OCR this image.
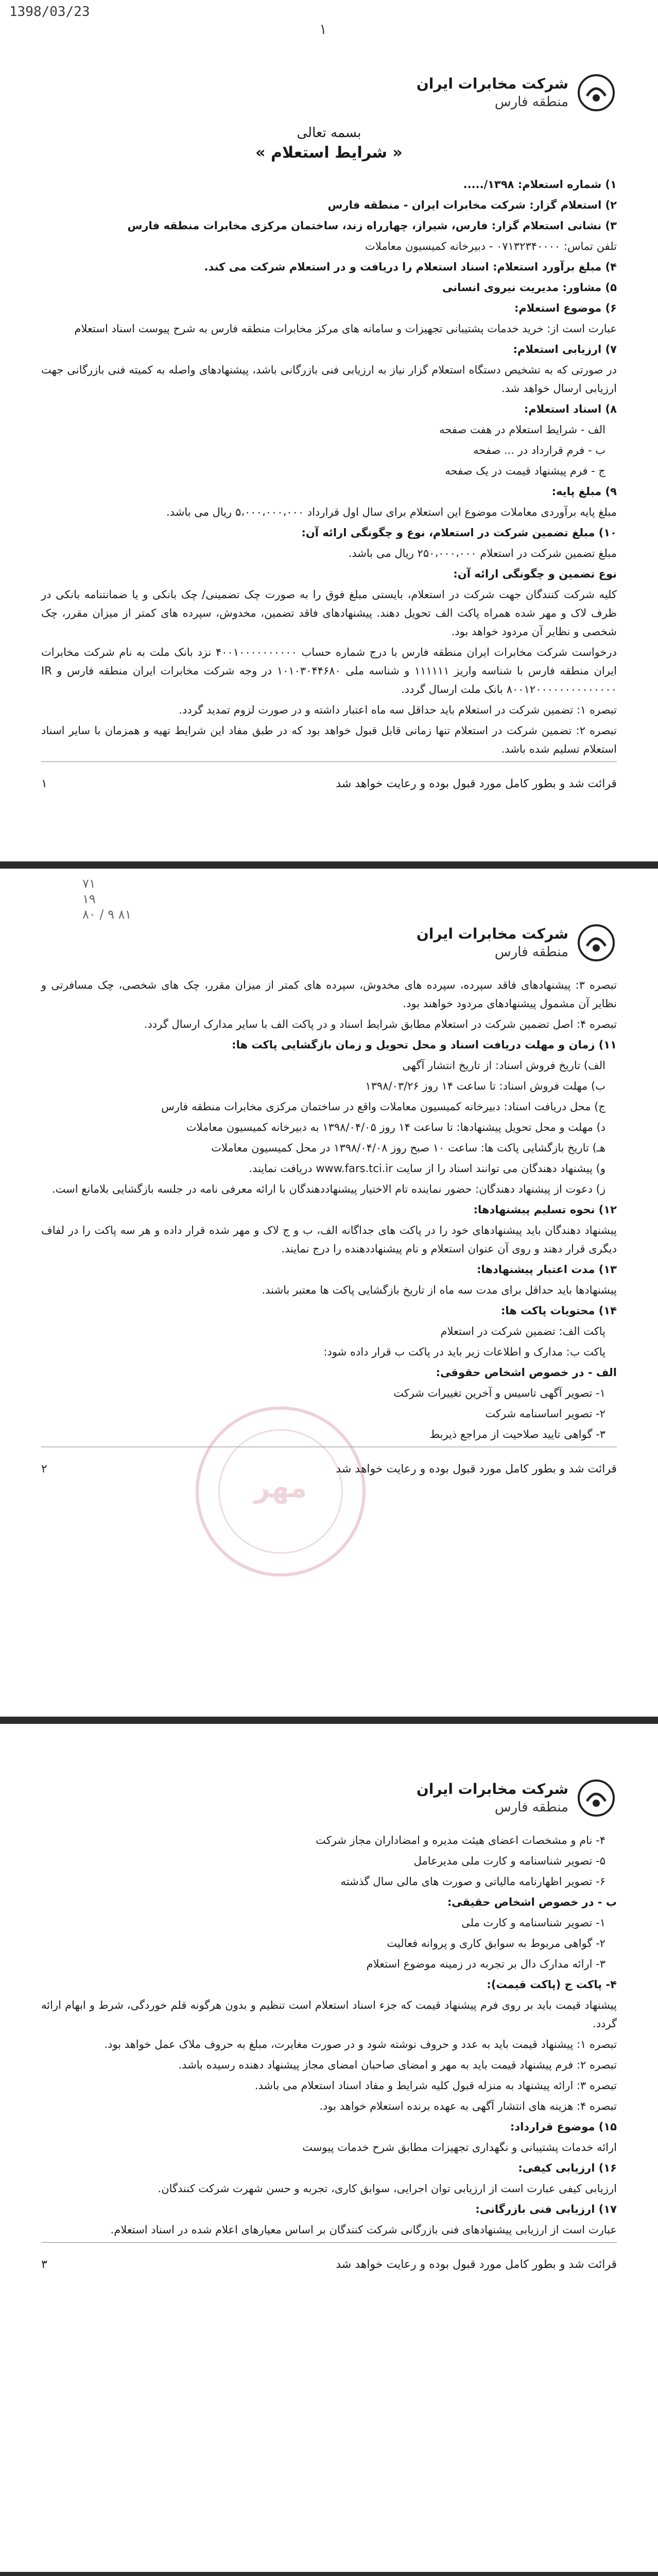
1398/03/23
۱
شرکت مخابرات ایران
منطقه فارس
بسمه تعالی
« شرایط استعلام »

۱) شماره استعلام: ۱۳۹۸/.....

۲) استعلام گزار: شرکت مخابرات ایران - منطقه فارس

۳) نشانی استعلام گزار: فارس، شیراز، چهارراه زند، ساختمان مرکزی مخابرات منطقه فارس

تلفن تماس: ۰۷۱۳۲۳۴۰۰۰۰ - دبیرخانه کمیسیون معاملات

۴) مبلغ برآورد استعلام: اسناد استعلام را دریافت و در استعلام شرکت می کند.

۵) مشاور: مدیریت نیروی انسانی

۶) موضوع استعلام:

عبارت است از: خرید خدمات پشتیبانی تجهیزات و سامانه های مرکز مخابرات منطقه فارس به شرح پیوست اسناد استعلام

۷) ارزیابی استعلام:

در صورتی که به تشخیص دستگاه استعلام گزار نیاز به ارزیابی فنی بازرگانی باشد، پیشنهادهای واصله به کمیته فنی بازرگانی جهت ارزیابی ارسال خواهد شد.

۸) اسناد استعلام:

الف - شرایط استعلام در هفت صفحه

ب - فرم قرارداد در ... صفحه

ج - فرم پیشنهاد قیمت در یک صفحه

۹) مبلغ پایه:

مبلغ پایه برآوردی معاملات موضوع این استعلام برای سال اول قرارداد ۵،۰۰۰،۰۰۰،۰۰۰ ریال می باشد.

۱۰) مبلغ تضمین شرکت در استعلام، نوع و چگونگی ارائه آن:

مبلغ تضمین شرکت در استعلام ۲۵۰،۰۰۰،۰۰۰ ریال می باشد.

نوع تضمین و چگونگی ارائه آن:

کلیه شرکت کنندگان جهت شرکت در استعلام، بایستی مبلغ فوق را به صورت چک تضمینی/ چک بانکی و یا ضمانتنامه بانکی در ظرف لاک و مهر شده همراه پاکت الف تحویل دهند. پیشنهادهای فاقد تضمین، مخدوش، سپرده های کمتر از میزان مقرر، چک شخصی و نظایر آن مردود خواهد بود.

درخواست شرکت مخابرات ایران منطقه فارس با درج شماره حساب ۴۰۰۱۰۰۰۰۰۰۰۰۰۰ نزد بانک ملت به نام شرکت مخابرات ایران منطقه فارس با شناسه واریز ۱۱۱۱۱۱ و شناسه ملی ۱۰۱۰۳۰۴۴۶۸۰ در وجه شرکت مخابرات ایران منطقه فارس و IR ۸۰۰۱۲۰۰۰۰۰۰۰۰۰۰۰۰۰۰ بانک ملت ارسال گردد.

تبصره ۱: تضمین شرکت در استعلام باید حداقل سه ماه اعتبار داشته و در صورت لزوم تمدید گردد.

تبصره ۲: تضمین شرکت در استعلام تنها زمانی قابل قبول خواهد بود که در طبق مفاد این شرایط تهیه و همزمان با سایر اسناد استعلام تسلیم شده باشد.

قرائت شد و بطور کامل مورد قبول بوده و رعایت خواهد شد
۱
۷۱
۱۹
۸۰ / ۹ ۸۱
شرکت مخابرات ایران
منطقه فارس

تبصره ۳: پیشنهادهای فاقد سپرده، سپرده های مخدوش، سپرده های کمتر از میزان مقرر، چک های شخصی، چک مسافرتی و نظایر آن مشمول پیشنهادهای مردود خواهند بود.

تبصره ۴: اصل تضمین شرکت در استعلام مطابق شرایط اسناد و در پاکت الف با سایر مدارک ارسال گردد.

۱۱) زمان و مهلت دریافت اسناد و محل تحویل و زمان بازگشایی پاکت ها:

الف) تاریخ فروش اسناد: از تاریخ انتشار آگهی

ب) مهلت فروش اسناد: تا ساعت ۱۴ روز ۱۳۹۸/۰۳/۲۶

ج) محل دریافت اسناد: دبیرخانه کمیسیون معاملات واقع در ساختمان مرکزی مخابرات منطقه فارس

د) مهلت و محل تحویل پیشنهادها: تا ساعت ۱۴ روز ۱۳۹۸/۰۴/۰۵ به دبیرخانه کمیسیون معاملات

هـ) تاریخ بازگشایی پاکت ها: ساعت ۱۰ صبح روز ۱۳۹۸/۰۴/۰۸ در محل کمیسیون معاملات

و) پیشنهاد دهندگان می توانند اسناد را از سایت www.fars.tci.ir دریافت نمایند.

ز) دعوت از پیشنهاد دهندگان: حضور نماینده تام الاختیار پیشنهاددهندگان با ارائه معرفی نامه در جلسه بازگشایی بلامانع است.

۱۲) نحوه تسلیم پیشنهادها:

پیشنهاد دهندگان باید پیشنهادهای خود را در پاکت های جداگانه الف، ب و ج لاک و مهر شده قرار داده و هر سه پاکت را در لفاف دیگری قرار دهند و روی آن عنوان استعلام و نام پیشنهاددهنده را درج نمایند.

۱۳) مدت اعتبار پیشنهادها:

پیشنهادها باید حداقل برای مدت سه ماه از تاریخ بازگشایی پاکت ها معتبر باشند.

۱۴) محتویات پاکت ها:

پاکت الف: تضمین شرکت در استعلام

پاکت ب: مدارک و اطلاعات زیر باید در پاکت ب قرار داده شود:

الف - در خصوص اشخاص حقوقی:

۱- تصویر آگهی تاسیس و آخرین تغییرات شرکت

۲- تصویر اساسنامه شرکت

۳- گواهی تایید صلاحیت از مراجع ذیربط

مهر
قرائت شد و بطور کامل مورد قبول بوده و رعایت خواهد شد
۲
شرکت مخابرات ایران
منطقه فارس

۴- نام و مشخصات اعضای هیئت مدیره و امضاداران مجاز شرکت

۵- تصویر شناسنامه و کارت ملی مدیرعامل

۶- تصویر اظهارنامه مالیاتی و صورت های مالی سال گذشته

ب - در خصوص اشخاص حقیقی:

۱- تصویر شناسنامه و کارت ملی

۲- گواهی مربوط به سوابق کاری و پروانه فعالیت

۳- ارائه مدارک دال بر تجربه در زمینه موضوع استعلام

۴- پاکت ج (پاکت قیمت):

پیشنهاد قیمت باید بر روی فرم پیشنهاد قیمت که جزء اسناد استعلام است تنظیم و بدون هرگونه قلم خوردگی، شرط و ابهام ارائه گردد.

تبصره ۱: پیشنهاد قیمت باید به عدد و حروف نوشته شود و در صورت مغایرت، مبلغ به حروف ملاک عمل خواهد بود.

تبصره ۲: فرم پیشنهاد قیمت باید به مهر و امضای صاحبان امضای مجاز پیشنهاد دهنده رسیده باشد.

تبصره ۳: ارائه پیشنهاد به منزله قبول کلیه شرایط و مفاد اسناد استعلام می باشد.

تبصره ۴: هزینه های انتشار آگهی به عهده برنده استعلام خواهد بود.

۱۵) موضوع قرارداد:

ارائه خدمات پشتیبانی و نگهداری تجهیزات مطابق شرح خدمات پیوست

۱۶) ارزیابی کیفی:

ارزیابی کیفی عبارت است از ارزیابی توان اجرایی، سوابق کاری، تجربه و حسن شهرت شرکت کنندگان.

۱۷) ارزیابی فنی بازرگانی:

عبارت است از ارزیابی پیشنهادهای فنی بازرگانی شرکت کنندگان بر اساس معیارهای اعلام شده در اسناد استعلام.

قرائت شد و بطور کامل مورد قبول بوده و رعایت خواهد شد
۳
